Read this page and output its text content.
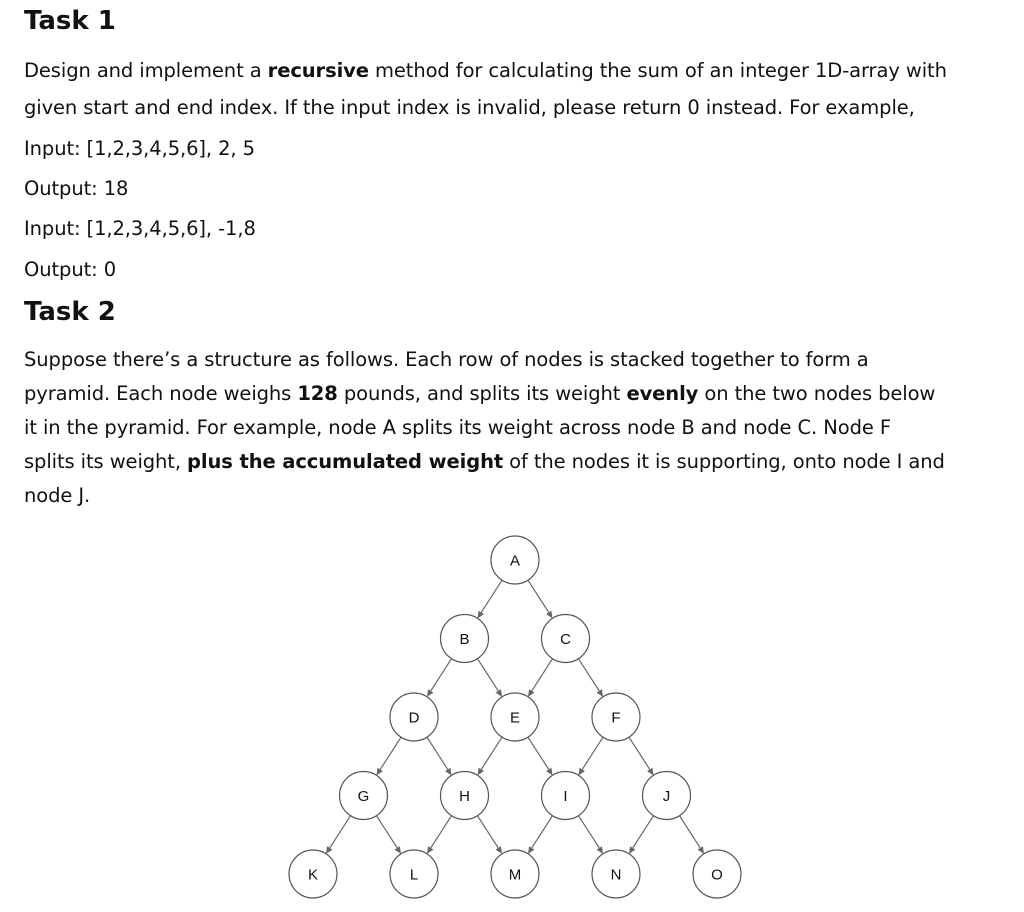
Task 1

Design and implement a recursive method for calculating the sum of an integer 1D-array with

given start and end index. If the input index is invalid, please return 0 instead. For example,

Input: [1,2,3,4,5,6], 2, 5

Output: 18

Input: [1,2,3,4,5,6], -1,8

Output: 0

Task 2

Suppose there’s a structure as follows. Each row of nodes is stacked together to form a

pyramid. Each node weighs 128 pounds, and splits its weight evenly on the two nodes below

it in the pyramid. For example, node A splits its weight across node B and node C. Node F

splits its weight, plus the accumulated weight of the nodes it is supporting, onto node I and

node J.

A
B	C
D	E	F
G	H	I	J
K	L	M	N	O
